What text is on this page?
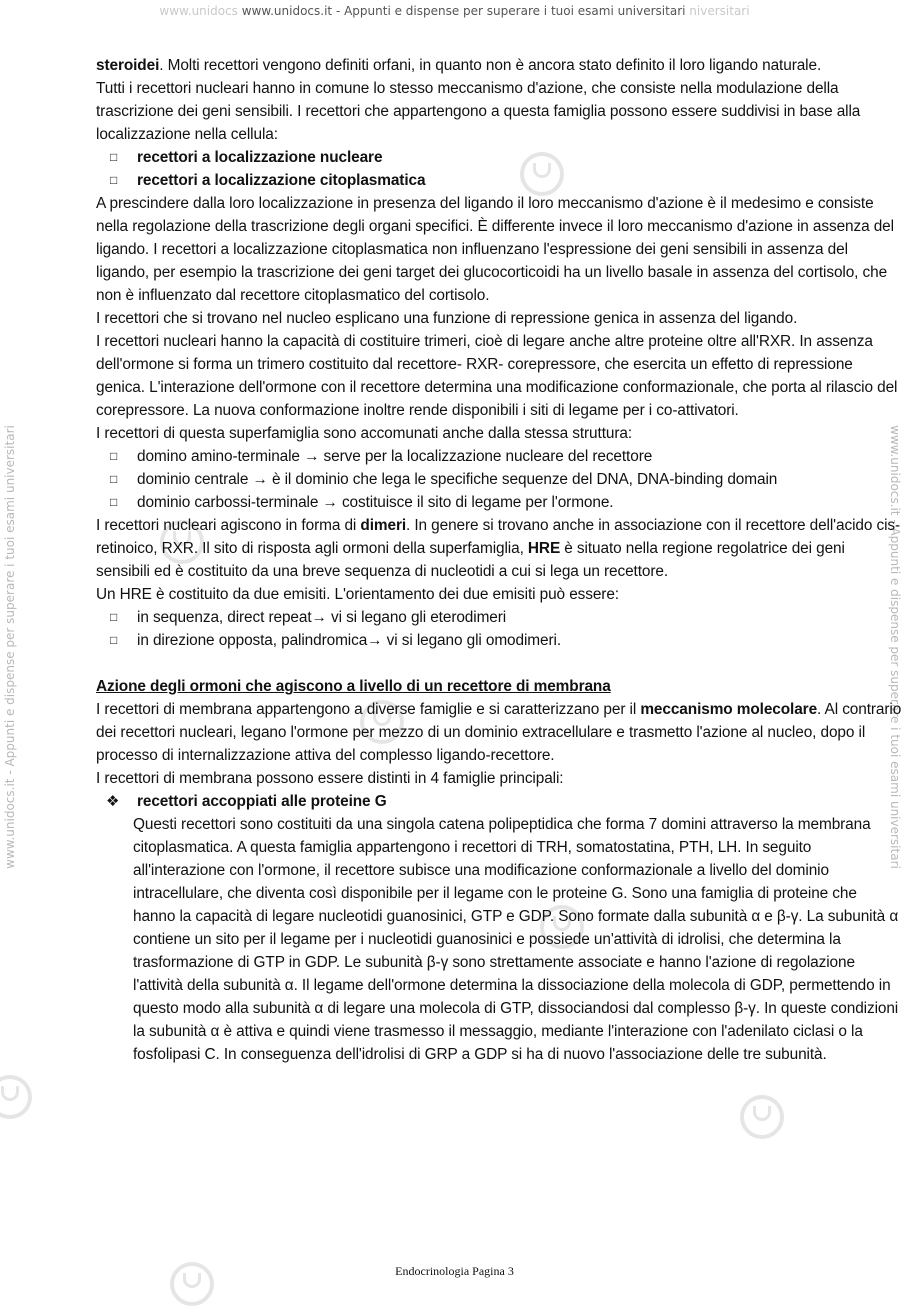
www.unidocs www.unidocs.it - Appunti e dispense per superare i tuoi esami universitari niversitari
www.unidocs.it - Appunti e dispense per superare i tuoi esami universitari	www.unidocs.it - Appunti e dispense per superare i tuoi esami universitari

steroidei. Molti recettori vengono definiti orfani, in quanto non è ancora stato definito il loro ligando naturale.

Tutti i recettori nucleari hanno in comune lo stesso meccanismo d'azione, che consiste nella modulazione della trascrizione dei geni sensibili. I recettori che appartengono a questa famiglia possono essere suddivisi in base alla localizzazione nella cellula:

□ recettori a localizzazione nucleare
□ recettori a localizzazione citoplasmatica

A prescindere dalla loro localizzazione in presenza del ligando il loro meccanismo d'azione è il medesimo e consiste nella regolazione della trascrizione degli organi specifici. È differente invece il loro meccanismo d'azione in assenza del ligando. I recettori a localizzazione citoplasmatica non influenzano l'espressione dei geni sensibili in assenza del ligando, per esempio la trascrizione dei geni target dei glucocorticoidi ha un livello basale in assenza del cortisolo, che non è influenzato dal recettore citoplasmatico del cortisolo.

I recettori che si trovano nel nucleo esplicano una funzione di repressione genica in assenza del ligando.

I recettori nucleari hanno la capacità di costituire trimeri, cioè di legare anche altre proteine oltre all'RXR. In assenza dell'ormone si forma un trimero costituito dal recettore- RXR- corepressore, che esercita un effetto di repressione genica. L'interazione dell'ormone con il recettore determina una modificazione conformazionale, che porta al rilascio del corepressore. La nuova conformazione inoltre rende disponibili i siti di legame per i co-attivatori.

I recettori di questa superfamiglia sono accomunati anche dalla stessa struttura:

□ domino amino-terminale → serve per la localizzazione nucleare del recettore
□ dominio centrale → è il dominio che lega le specifiche sequenze del DNA, DNA-binding domain
□ dominio carbossi-terminale → costituisce il sito di legame per l'ormone.

I recettori nucleari agiscono in forma di dimeri. In genere si trovano anche in associazione con il recettore dell'acido cis-retinoico, RXR. Il sito di risposta agli ormoni della superfamiglia, HRE è situato nella regione regolatrice dei geni sensibili ed è costituito da una breve sequenza di nucleotidi a cui si lega un recettore.

Un HRE è costituito da due emisiti. L'orientamento dei due emisiti può essere:

□ in sequenza, direct repeat→ vi si legano gli eterodimeri
□ in direzione opposta, palindromica→ vi si legano gli omodimeri.

Azione degli ormoni che agiscono a livello di un recettore di membrana

I recettori di membrana appartengono a diverse famiglie e si caratterizzano per il meccanismo molecolare. Al contrario dei recettori nucleari, legano l'ormone per mezzo di un dominio extracellulare e trasmetto l'azione al nucleo, dopo il processo di internalizzazione attiva del complesso ligando-recettore.

I recettori di membrana possono essere distinti in 4 famiglie principali:

❖ recettori accoppiati alle proteine G

Questi recettori sono costituiti da una singola catena polipeptidica che forma 7 domini attraverso la membrana citoplasmatica. A questa famiglia appartengono i recettori di TRH, somatostatina, PTH, LH. In seguito all'interazione con l'ormone, il recettore subisce una modificazione conformazionale a livello del dominio intracellulare, che diventa così disponibile per il legame con le proteine G. Sono una famiglia di proteine che hanno la capacità di legare nucleotidi guanosinici, GTP e GDP. Sono formate dalla subunità α e β-γ. La subunità α contiene un sito per il legame per i nucleotidi guanosinici e possiede un'attività di idrolisi, che determina la trasformazione di GTP in GDP. Le subunità β-γ sono strettamente associate e hanno l'azione di regolazione l'attività della subunità α. Il legame dell'ormone determina la dissociazione della molecola di GDP, permettendo in questo modo alla subunità α di legare una molecola di GTP, dissociandosi dal complesso β-γ. In queste condizioni la subunità α è attiva e quindi viene trasmesso il messaggio, mediante l'interazione con l'adenilato ciclasi o la fosfolipasi C. In conseguenza dell'idrolisi di GRP a GDP si ha di nuovo l'associazione delle tre subunità.

Endocrinologia Pagina 3
